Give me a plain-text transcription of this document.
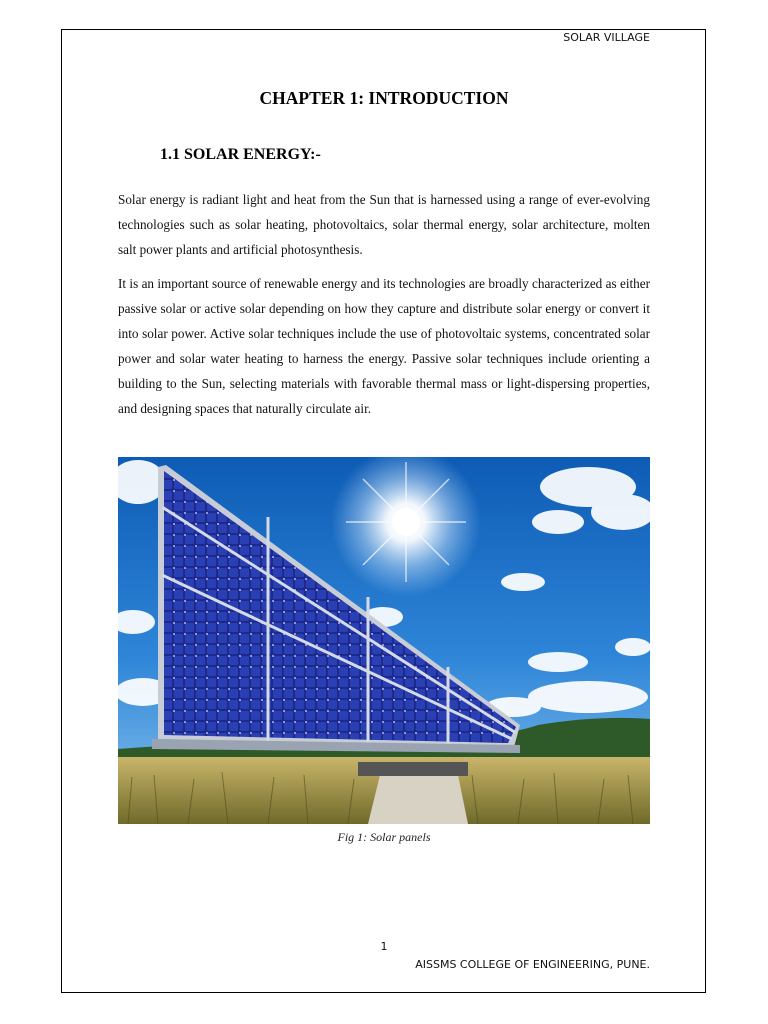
SOLAR VILLAGE
CHAPTER 1: INTRODUCTION
1.1 SOLAR ENERGY:-

Solar energy is radiant light and heat from the Sun that is harnessed using a range of ever-evolving technologies such as solar heating, photovoltaics, solar thermal energy, solar architecture, molten salt power plants and artificial photosynthesis.

It is an important source of renewable energy and its technologies are broadly characterized as either passive solar or active solar depending on how they capture and distribute solar energy or convert it into solar power. Active solar techniques include the use of photovoltaic systems, concentrated solar power and solar water heating to harness the energy. Passive solar techniques include orienting a building to the Sun, selecting materials with favorable thermal mass or light-dispersing properties, and designing spaces that naturally circulate air.

Fig 1: Solar panels
1
AISSMS COLLEGE OF ENGINEERING, PUNE.
